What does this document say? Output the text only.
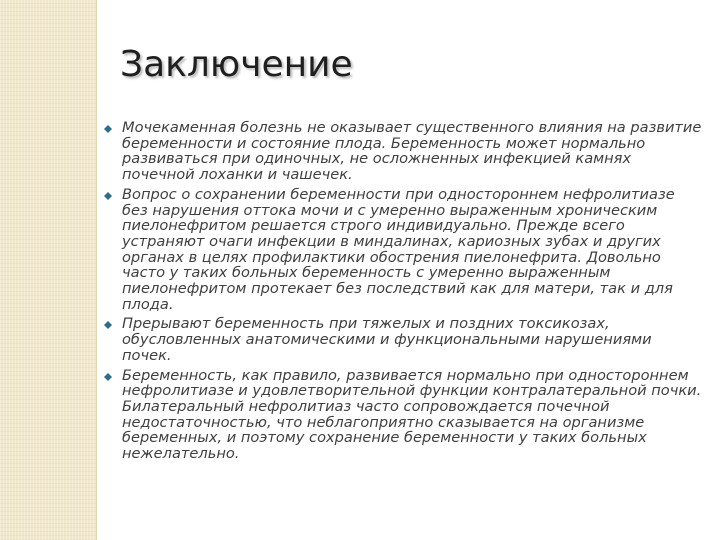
Заключение
Мочекаменная болезнь не оказывает существенного влияния на развитие беременности и состояние плода. Беременность может нормально развиваться при одиночных, не осложненных инфекцией камнях почечной лоханки и чашечек.
Вопрос о сохранении беременности при одностороннем нефролитиазе без нарушения оттока мочи и с умеренно выраженным хроническим пиелонефритом решается строго индивидуально. Прежде всего устраняют очаги инфекции в миндалинах, кариозных зубах и других органах в целях профилактики обострения пиелонефрита. Довольно часто у таких больных беременность с умеренно выраженным пиелонефритом протекает без последствий как для матери, так и для плода.
Прерывают беременность при тяжелых и поздних токсикозах, обусловленных анатомическими и функциональными нарушениями почек.
Беременность, как правило, развивается нормально при одностороннем нефролитиазе и удовлетворительной функции контралатеральной почки. Билатеральный нефролитиаз часто сопровождается почечной недостаточностью, что неблагоприятно сказывается на организме беременных, и поэтому сохранение беременности у таких больных нежелательно.
